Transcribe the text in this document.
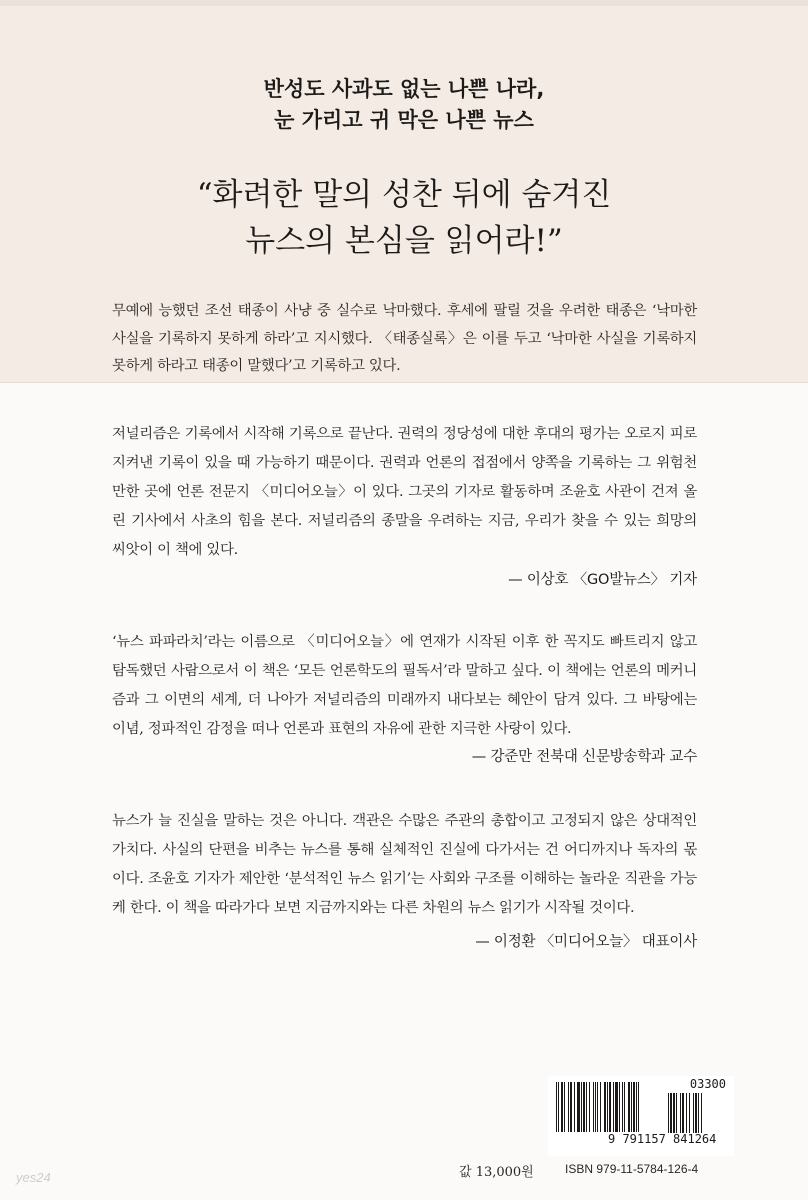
반성도 사과도 없는 나쁜 나라,
눈 가리고 귀 막은 나쁜 뉴스
“화려한 말의 성찬 뒤에 숨겨진
뉴스의 본심을 읽어라!”
무예에 능했던 조선 태종이 사냥 중 실수로 낙마했다. 후세에 팔릴 것을 우려한 태종은 ‘낙마한 사실을 기록하지 못하게 하라’고 지시했다. 〈태종실록〉은 이를 두고 ‘낙마한 사실을 기록하지 못하게 하라고 태종이 말했다’고 기록하고 있다.

저널리즘은 기록에서 시작해 기록으로 끝난다. 권력의 정당성에 대한 후대의 평가는 오로지 피로 지켜낸 기록이 있을 때 가능하기 때문이다. 권력과 언론의 접점에서 양쪽을 기록하는 그 위험천만한 곳에 언론 전문지 〈미디어오늘〉이 있다. 그곳의 기자로 활동하며 조윤호 사관이 건져 올린 기사에서 사초의 힘을 본다. 저널리즘의 종말을 우려하는 지금, 우리가 찾을 수 있는 희망의 씨앗이 이 책에 있다.

— 이상호 〈GO발뉴스〉 기자

‘뉴스 파파라치’라는 이름으로 〈미디어오늘〉에 연재가 시작된 이후 한 꼭지도 빠트리지 않고 탐독했던 사람으로서 이 책은 ‘모든 언론학도의 필독서’라 말하고 싶다. 이 책에는 언론의 메커니즘과 그 이면의 세계, 더 나아가 저널리즘의 미래까지 내다보는 혜안이 담겨 있다. 그 바탕에는 이념, 정파적인 감정을 떠나 언론과 표현의 자유에 관한 지극한 사랑이 있다.

— 강준만 전북대 신문방송학과 교수

뉴스가 늘 진실을 말하는 것은 아니다. 객관은 수많은 주관의 총합이고 고정되지 않은 상대적인 가치다. 사실의 단편을 비추는 뉴스를 통해 실체적인 진실에 다가서는 건 어디까지나 독자의 몫이다. 조윤호 기자가 제안한 ‘분석적인 뉴스 읽기’는 사회와 구조를 이해하는 놀라운 직관을 가능케 한다. 이 책을 따라가다 보면 지금까지와는 다른 차원의 뉴스 읽기가 시작될 것이다.

— 이정환 〈미디어오늘〉 대표이사
03300
9 791157 841264
값 13,000원	ISBN 979-11-5784-126-4
yes24
